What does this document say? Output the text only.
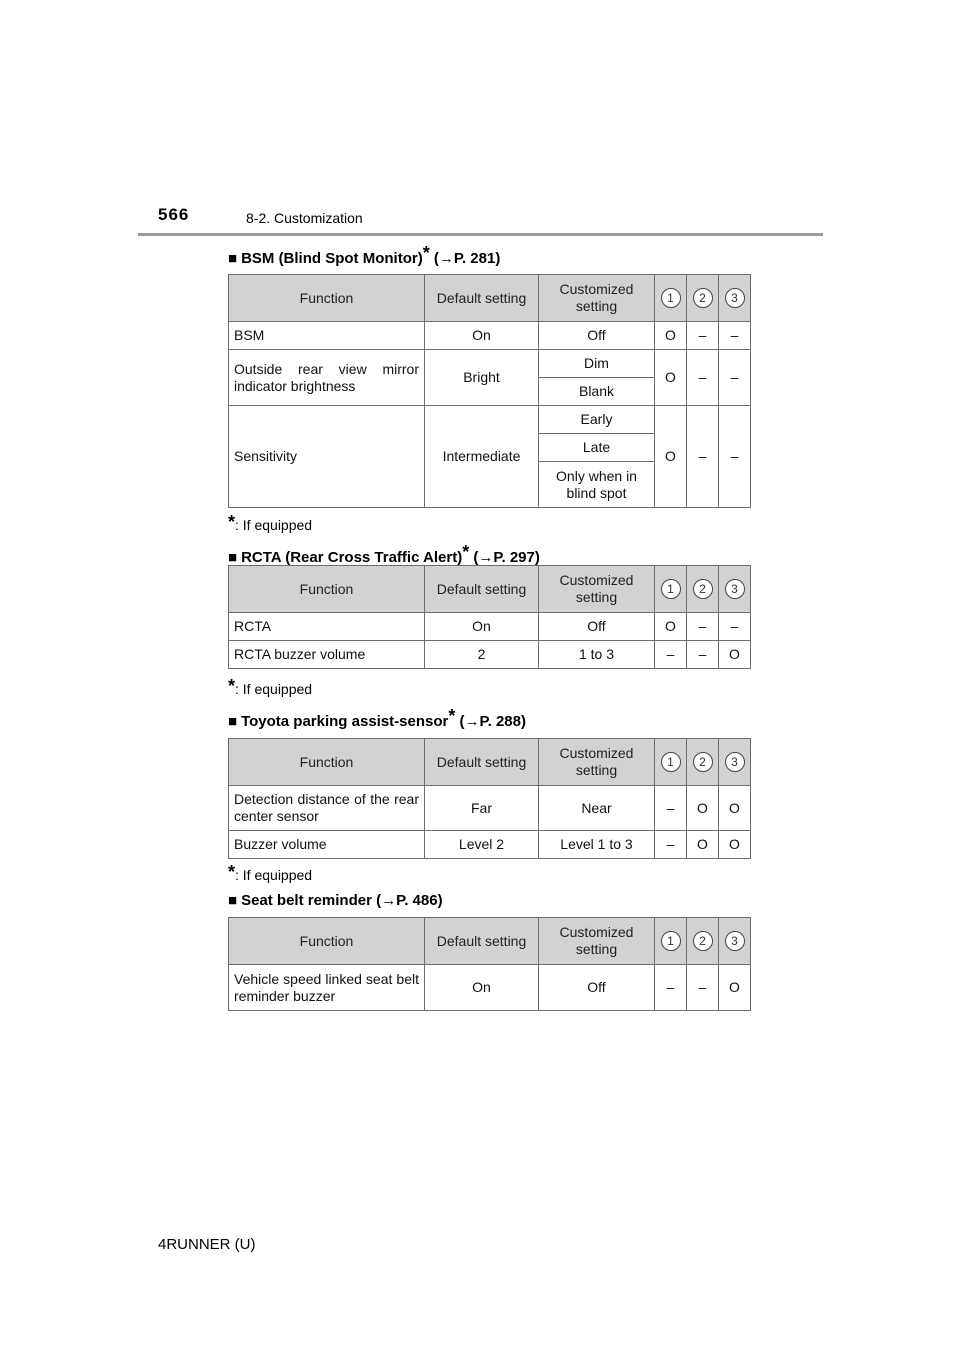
566	8-2. Customization
■ BSM (Blind Spot Monitor)* (→P. 281)
Function	Default setting	Customized setting	1	2	3
BSM	On	Off	O	–	–
Outside rear view mirror indicator brightness	Bright	Dim	O	–	–
		Blank			
Sensitivity	Intermediate	Early	O	–	–
		Late			
		Only when in blind spot			
*: If equipped
■ RCTA (Rear Cross Traffic Alert)* (→P. 297)
Function	Default setting	Customized setting	1	2	3
RCTA	On	Off	O	–	–
RCTA buzzer volume	2	1 to 3	–	–	O
*: If equipped
■ Toyota parking assist-sensor* (→P. 288)
Function	Default setting	Customized setting	1	2	3
Detection distance of the rear center sensor	Far	Near	–	O	O
Buzzer volume	Level 2	Level 1 to 3	–	O	O
*: If equipped
■ Seat belt reminder (→P. 486)
Function	Default setting	Customized setting	1	2	3
Vehicle speed linked seat belt reminder buzzer	On	Off	–	–	O
4RUNNER (U)
